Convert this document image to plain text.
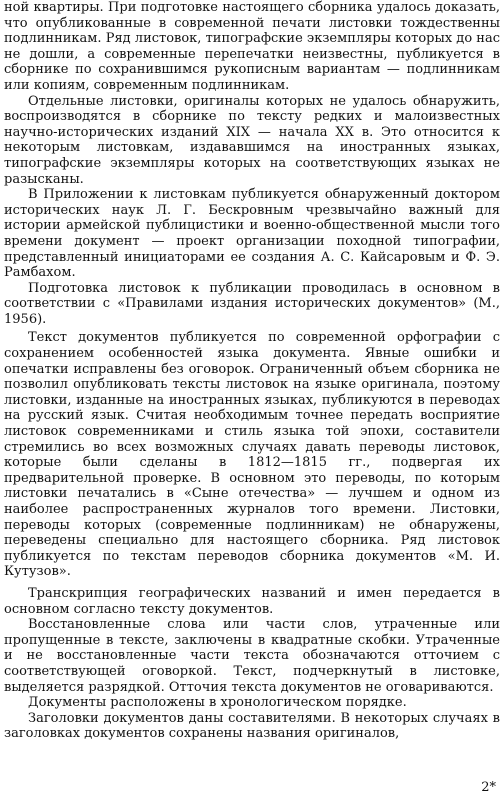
ной квартиры. При подготовке настоящего сборника удалось доказать, что опубликованные в современной печати листовки тождественны подлинникам. Ряд листовок, типографские экземпляры которых до нас не дошли, а современные перепечатки неизвестны, публикуется в сборнике по сохранившимся рукописным вариантам — подлинникам или копиям, современным подлинникам.

Отдельные листовки, оригиналы которых не удалось обнаружить, воспроизводятся в сборнике по тексту редких и малоизвестных научно-исторических изданий XIX — начала XX в. Это относится к некоторым листовкам, издававшимся на иностранных языках, типографские экземпляры которых на соответствующих языках не разысканы.

В Приложении к листовкам публикуется обнаруженный доктором исторических наук Л. Г. Бескровным чрезвычайно важный для истории армейской публицистики и военно-общественной мысли того времени документ — проект организации походной типографии, представленный инициаторами ее создания А. С. Кайсаровым и Ф. Э. Рамбахом.

Подготовка листовок к публикации проводилась в основном в соответствии с «Правилами издания исторических документов» (М., 1956).

Текст документов публикуется по современной орфографии с сохранением особенностей языка документа. Явные ошибки и опечатки исправлены без оговорок. Ограниченный объем сборника не позволил опубликовать тексты листовок на языке оригинала, поэтому листовки, изданные на иностранных языках, публикуются в переводах на русский язык. Считая необходимым точнее передать восприятие листовок современниками и стиль языка той эпохи, составители стремились во всех возможных случаях давать переводы листовок, которые были сделаны в 1812—1815 гг., подвергая их предварительной проверке. В основном это переводы, по которым листовки печатались в «Сыне отечества» — лучшем и одном из наиболее распространенных журналов того времени. Листовки, переводы которых (современные подлинникам) не обнаружены, переведены специально для настоящего сборника. Ряд листовок публикуется по текстам переводов сборника документов «М. И. Кутузов».

Транскрипция географических названий и имен передается в основном согласно тексту документов.

Восстановленные слова или части слов, утраченные или пропущенные в тексте, заключены в квадратные скобки. Утраченные и не восстановленные части текста обозначаются отточием с соответствующей оговоркой. Текст, подчеркнутый в листовке, выделяется разрядкой. Отточия текста документов не оговариваются.

Документы расположены в хронологическом порядке.

Заголовки документов даны составителями. В некоторых случаях в заголовках документов сохранены названия оригиналов,

2*
